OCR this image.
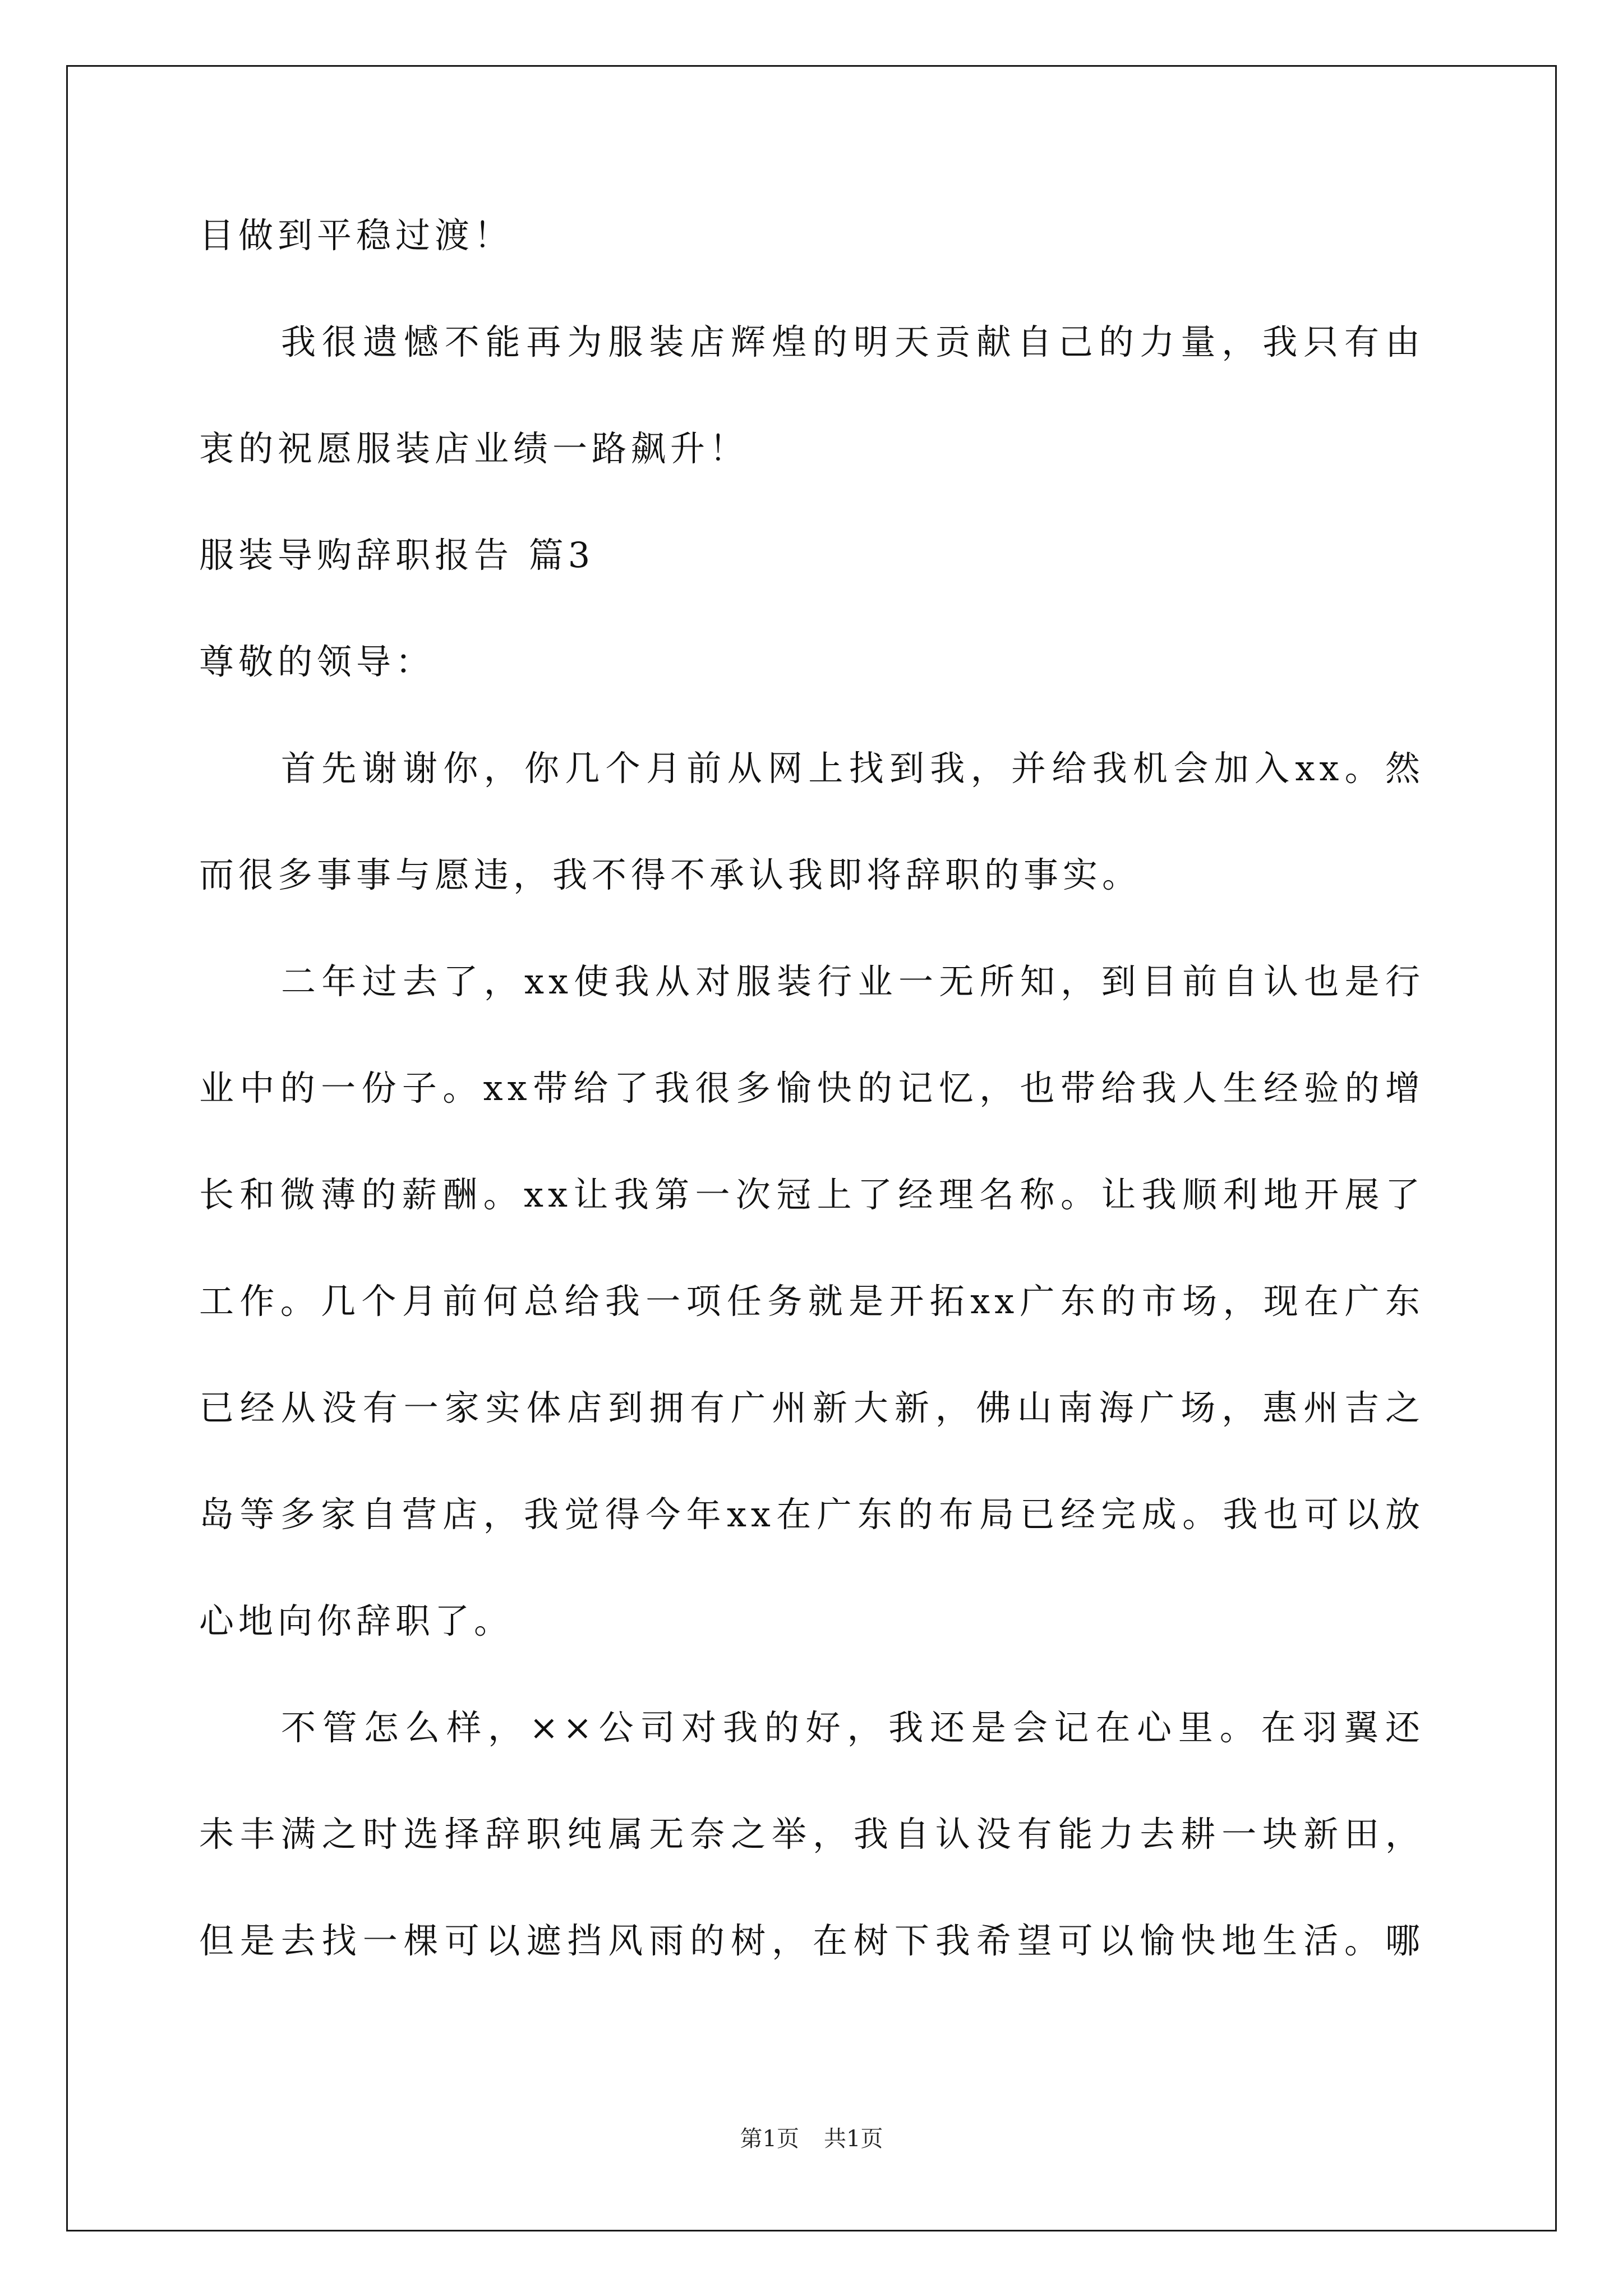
目做到平稳过渡！
我很遗憾不能再为服装店辉煌的明天贡献自己的力量，我只有由
衷的祝愿服装店业绩一路飙升！
服装导购辞职报告 篇3
尊敬的领导：
首先谢谢你，你几个月前从网上找到我，并给我机会加入xx。然
而很多事事与愿违，我不得不承认我即将辞职的事实。
二年过去了，xx使我从对服装行业一无所知，到目前自认也是行
业中的一份子。xx带给了我很多愉快的记忆，也带给我人生经验的增
长和微薄的薪酬。xx让我第一次冠上了经理名称。让我顺利地开展了
工作。几个月前何总给我一项任务就是开拓xx广东的市场，现在广东
已经从没有一家实体店到拥有广州新大新，佛山南海广场，惠州吉之
岛等多家自营店，我觉得今年xx在广东的布局已经完成。我也可以放
心地向你辞职了。
不管怎么样，××公司对我的好，我还是会记在心里。在羽翼还
未丰满之时选择辞职纯属无奈之举，我自认没有能力去耕一块新田，
但是去找一棵可以遮挡风雨的树，在树下我希望可以愉快地生活。哪
第1页 共1页
